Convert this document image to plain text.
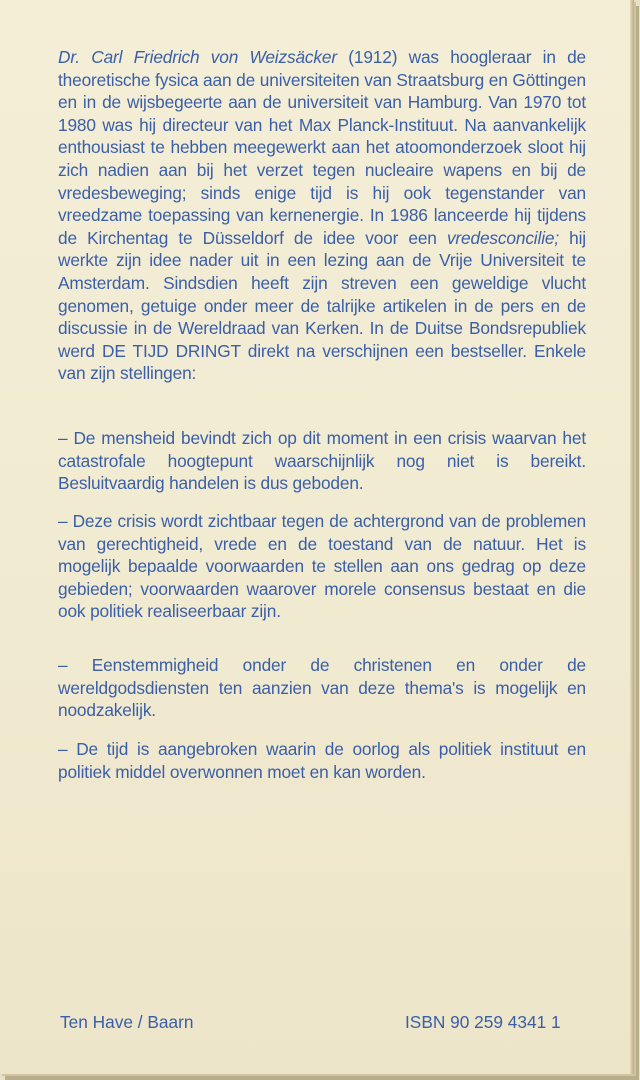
Dr. Carl Friedrich von Weizsäcker (1912) was hoogleraar in de theoretische fysica aan de universiteiten van Straatsburg en Göttingen en in de wijsbegeerte aan de universiteit van Hamburg. Van 1970 tot 1980 was hij directeur van het Max Planck-Instituut. Na aanvankelijk enthousiast te hebben meegewerkt aan het atoomonderzoek sloot hij zich nadien aan bij het verzet tegen nucleaire wapens en bij de vredesbeweging; sinds enige tijd is hij ook tegenstander van vreedzame toepassing van kernenergie. In 1986 lanceerde hij tijdens de Kirchentag te Düsseldorf de idee voor een vredesconcilie; hij werkte zijn idee nader uit in een lezing aan de Vrije Universiteit te Amsterdam. Sindsdien heeft zijn streven een geweldige vlucht genomen, getuige onder meer de talrijke artikelen in de pers en de discussie in de Wereldraad van Kerken. In de Duitse Bondsrepubliek werd DE TIJD DRINGT direkt na verschijnen een bestseller. Enkele van zijn stellingen:

– De mensheid bevindt zich op dit moment in een crisis waarvan het catastrofale hoogtepunt waarschijnlijk nog niet is bereikt. Besluitvaardig handelen is dus geboden.

– Deze crisis wordt zichtbaar tegen de achtergrond van de problemen van gerechtigheid, vrede en de toestand van de natuur. Het is mogelijk bepaalde voorwaarden te stellen aan ons gedrag op deze gebieden; voorwaarden waarover morele consensus bestaat en die ook politiek realiseerbaar zijn.

– Eenstemmigheid onder de christenen en onder de wereldgodsdiensten ten aanzien van deze thema's is mogelijk en noodzakelijk.

– De tijd is aangebroken waarin de oorlog als politiek instituut en politiek middel overwonnen moet en kan worden.

Ten Have / Baarn	ISBN 90 259 4341 1
